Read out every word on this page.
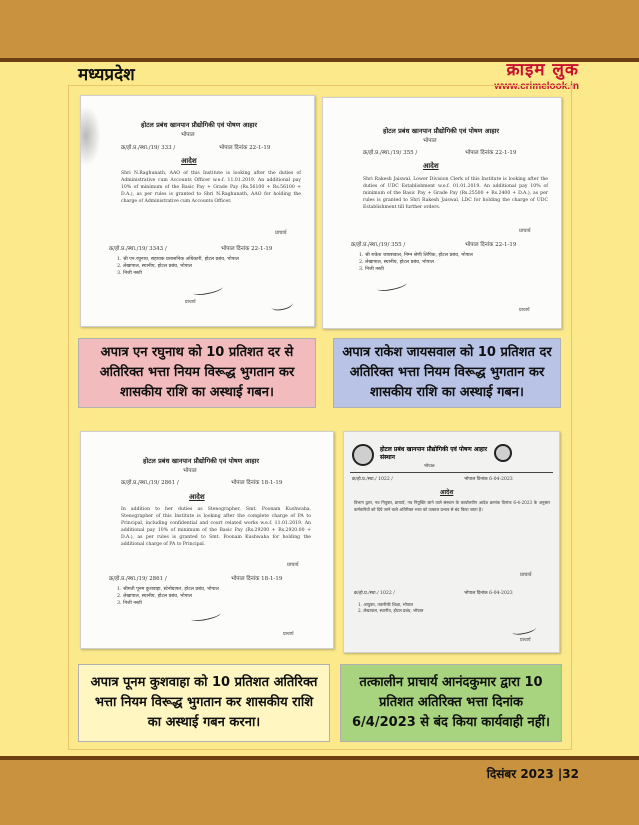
मध्यप्रदेश	क्राइम लुक
www.crimelook.in
होटल प्रबंध खानपान प्रौद्योगिकी एवं पोषण आहार
भोपाल
क्र/हो.प्र./स्था./19/ 333 /	भोपाल दिनांक 22-1-19
आदेश
Shri N.Raghunath, AAO of this Institute is looking after the duties of Administrative cum Accounts Officer w.e.f. 11.01.2019. An additional pay 10% of minimum of the Basic Pay + Grade Pay (Rs.56100 + Rs.56100 + D.A.), as per rules is granted to Shri N.Raghunath, AAO for holding the charge of Administrative cum Accounts Officer.
प्राचार्य
क्र/हो.प्र./स्था./19/ 3343 /	भोपाल दिनांक 22-1-19
1. श्री एन.रघुनाथ, सहायक प्रशासनिक अधिकारी, होटल प्रबंध, भोपाल
2. लेखापाल, स्थानीय, होटल प्रबंध, भोपाल
3. निजी नस्ती
प्राचार्य
होटल प्रबंध खानपान प्रौद्योगिकी एवं पोषण आहार
भोपाल
क्र/हो.प्र./स्था./19/ 355 /	भोपाल दिनांक 22-1-19
आदेश
Shri Rakesh Jaiswal, Lower Division Clerk of this Institute is looking after the duties of UDC Establishment w.e.f. 01.01.2019. An additional pay 10% of minimum of the Basic Pay + Grade Pay (Rs.25500 + Rs.2400 + D.A.), as per rules is granted to Shri Rakesh Jaiswal, LDC for holding the charge of UDC Establishment till further orders.
प्राचार्य
क्र/हो.प्र./स्था./19/ 355 /	भोपाल दिनांक 22-1-19
1. श्री राकेश जायसवाल, निम्न श्रेणी लिपिक, होटल प्रबंध, भोपाल
2. लेखापाल, स्थानीय, होटल प्रबंध, भोपाल
3. निजी नस्ती
प्राचार्य
होटल प्रबंध खानपान प्रौद्योगिकी एवं पोषण आहार
भोपाल
क्र/हो.प्र./स्था./19/ 2861 /	भोपाल दिनांक 18-1-19
आदेश
In addition to her duties as Stenographer, Smt. Poonam Kushwaha, Stenographer of this Institute is looking after the complete charge of PA to Principal, including confidential and court related works w.e.f. 11.01.2019. An additional pay 10% of minimum of the Basic Pay (Rs.29200 + Rs.2920.00 + D.A.), as per rules is granted to Smt. Poonam Kushwaha for holding the additional charge of PA to Principal.
प्राचार्य
क्र/हो.प्र./स्था./19/ 2861 /	भोपाल दिनांक 18-1-19
1. श्रीमती पूनम कुशवाहा, स्टेनोग्राफर, होटल प्रबंध, भोपाल
2. लेखापाल, स्थानीय, होटल प्रबंध, भोपाल
3. निजी नस्ती
प्राचार्य
होटल प्रबंध खानपान प्रौद्योगिकी एवं पोषण आहार संस्थान
भोपाल
क्र/हो.प्र./स्था./ 1022 /	भोपाल दिनांक 6-04-2023
आदेश
विभाग द्वारा, नव नियुक्त, प्राचार्य, नव नियुक्ति जाने वाले संस्थान के कार्यालयीन आदेश क्रमांक दिनांक 6-4-2023 के अनुसार कर्मचारियों को दिये जाने वाले अतिरिक्त भत्ता को तत्काल प्रभाव से बंद किया जाता है।
प्राचार्य
क्र/हो.प्र./स्था./ 1022 /	भोपाल दिनांक 6-04-2023
1. आयुक्त, तकनीकी शिक्षा, भोपाल
2. लेखापाल, स्थानीय, होटल प्रबंध, भोपाल
प्राचार्य
अपात्र एन रघुनाथ को 10 प्रतिशत दर से अतिरिक्त भत्ता नियम विरूद्ध भुगतान कर शासकीय राशि का अस्थाई गबन।
अपात्र राकेश जायसवाल को 10 प्रतिशत दर अतिरिक्त भत्ता नियम विरूद्ध भुगतान कर शासकीय राशि का अस्थाई गबन।
अपात्र पूनम कुशवाहा को 10 प्रतिशत अतिरिक्त भत्ता नियम विरूद्ध भुगतान कर शासकीय राशि का अस्थाई गबन करना।
तत्कालीन प्राचार्य आनंदकुमार द्वारा 10 प्रतिशत अतिरिक्त भत्ता दिनांक 6/4/2023 से बंद किया कार्यवाही नहीं।
दिसंबर 2023 |32
